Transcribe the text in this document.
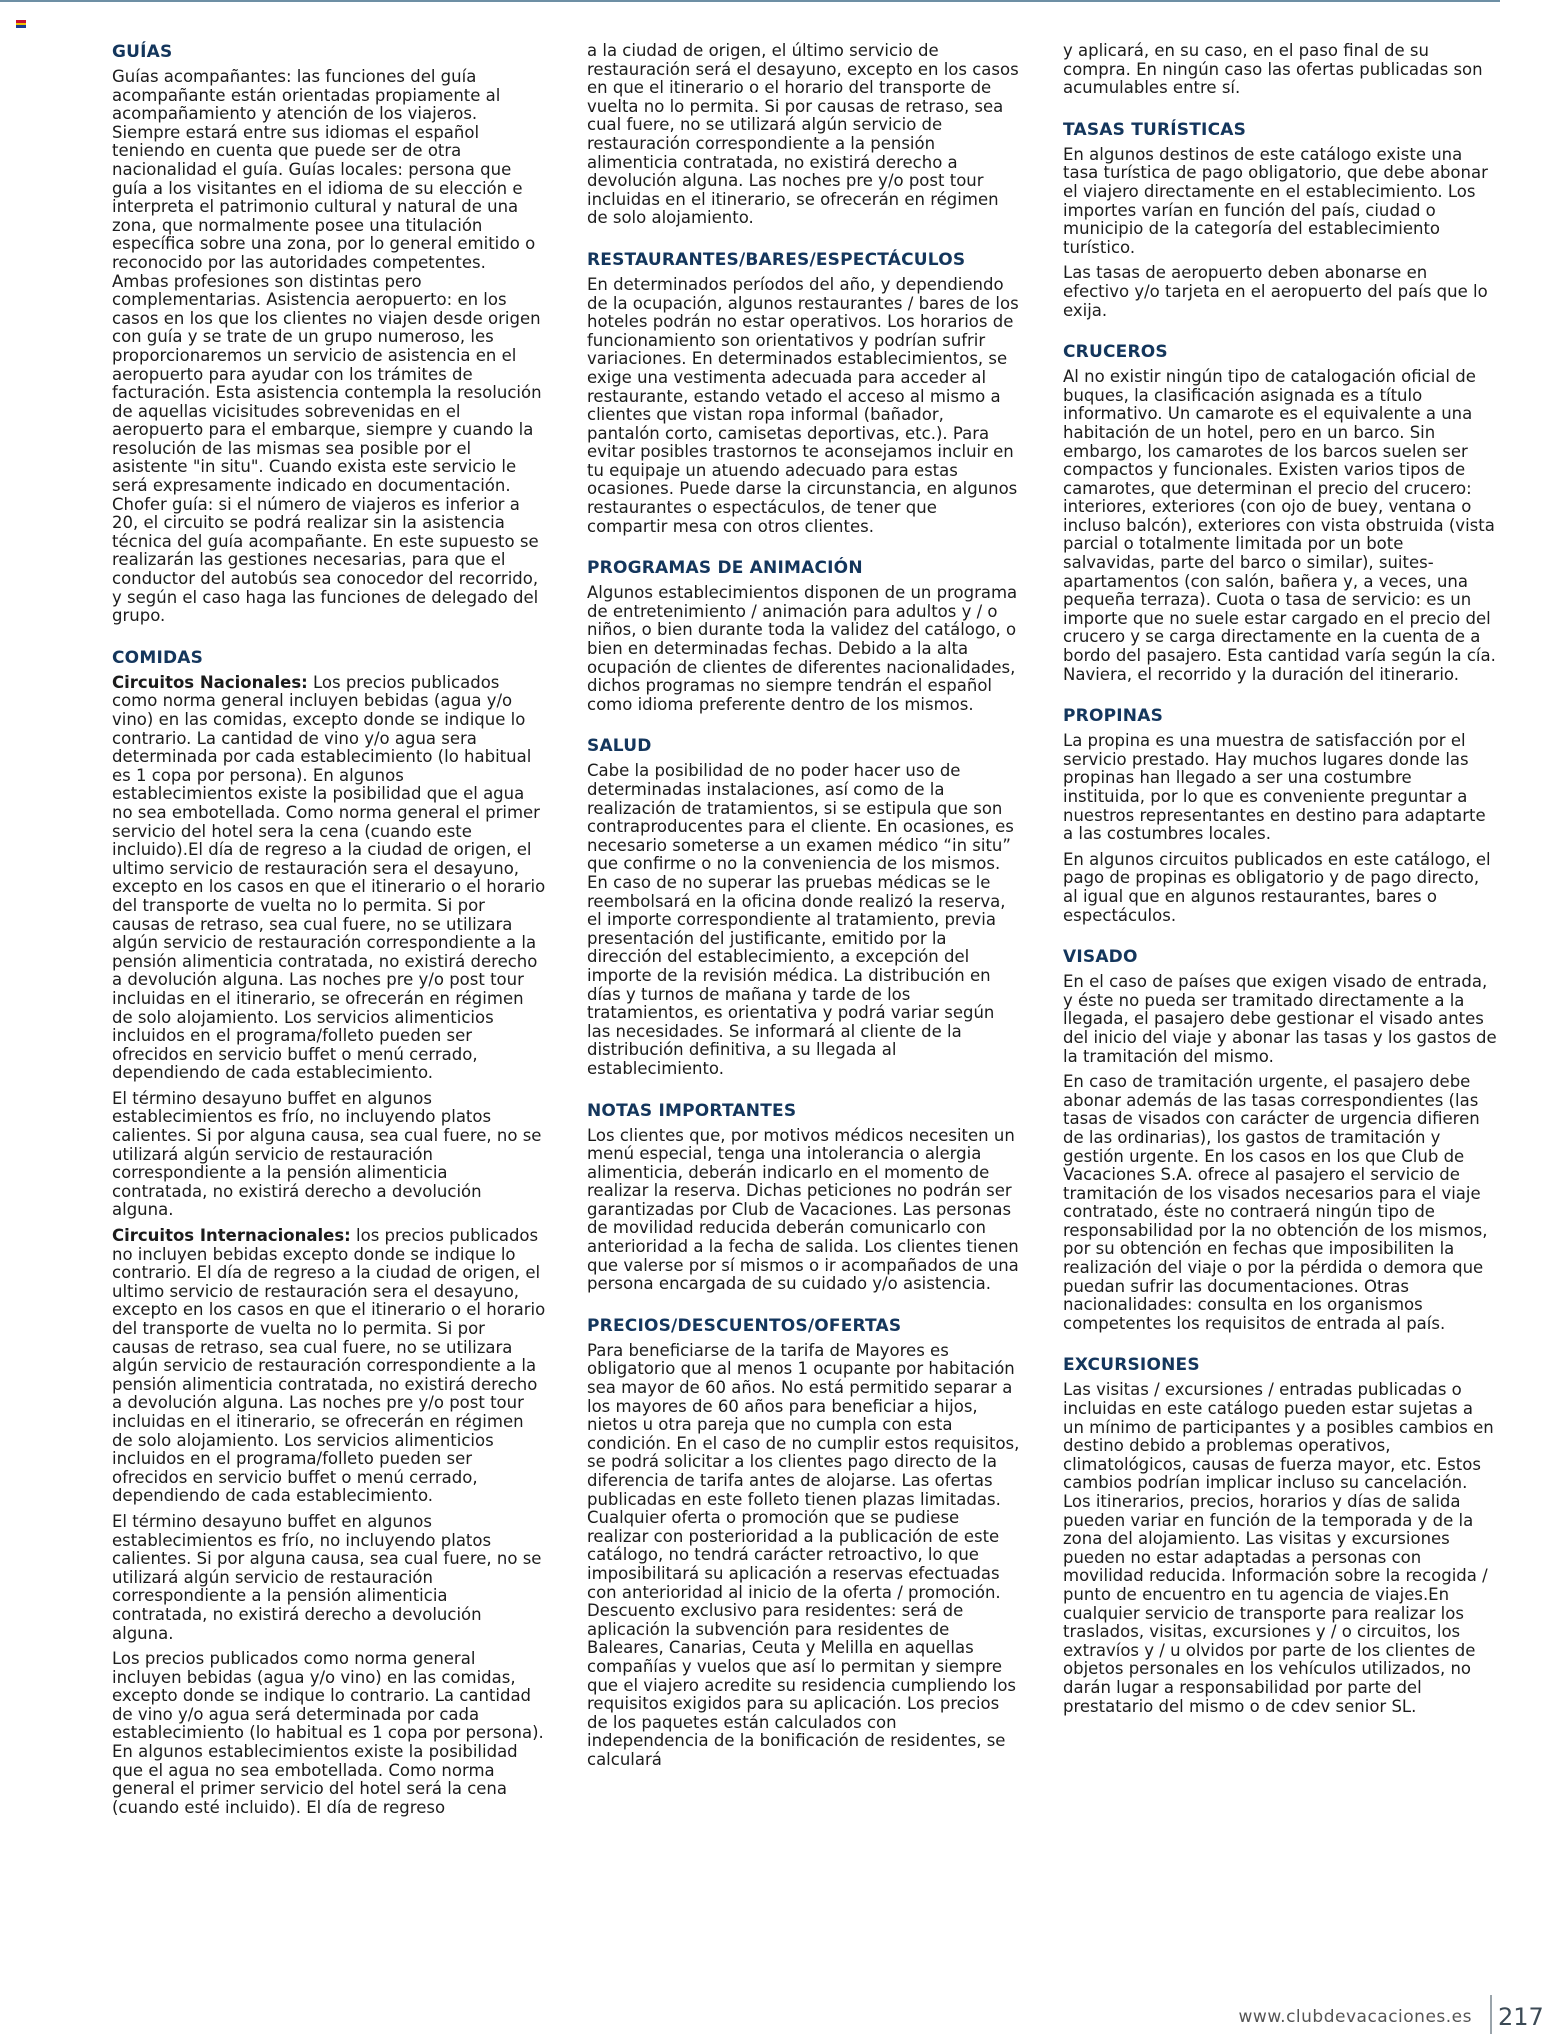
GUÍAS

Guías acompañantes: las funciones del guía acompañante están orientadas propiamente al acompañamiento y atención de los viajeros. Siempre estará entre sus idiomas el español teniendo en cuenta que puede ser de otra nacionalidad el guía. Guías locales: persona que guía a los visitantes en el idioma de su elección e interpreta el patrimonio cultural y natural de una zona, que normalmente posee una titulación específica sobre una zona, por lo general emitido o reconocido por las autoridades competentes. Ambas profesiones son distintas pero complementarias. Asistencia aeropuerto: en los casos en los que los clientes no viajen desde origen con guía y se trate de un grupo numeroso, les proporcionaremos un servicio de asistencia en el aeropuerto para ayudar con los trámites de facturación. Esta asistencia contempla la resolución de aquellas vicisitudes sobrevenidas en el aeropuerto para el embarque, siempre y cuando la resolución de las mismas sea posible por el asistente "in situ". Cuando exista este servicio le será expresamente indicado en documentación. Chofer guía: si el número de viajeros es inferior a 20, el circuito se podrá realizar sin la asistencia técnica del guía acompañante. En este supuesto se realizarán las gestiones necesarias, para que el conductor del autobús sea conocedor del recorrido, y según el caso haga las funciones de delegado del grupo.

COMIDAS

Circuitos Nacionales: Los precios publicados como norma general incluyen bebidas (agua y/o vino) en las comidas, excepto donde se indique lo contrario. La cantidad de vino y/o agua sera determinada por cada establecimiento (lo habitual es 1 copa por persona). En algunos establecimientos existe la posibilidad que el agua no sea embotellada. Como norma general el primer servicio del hotel sera la cena (cuando este incluido).El día de regreso a la ciudad de origen, el ultimo servicio de restauración sera el desayuno, excepto en los casos en que el itinerario o el horario del transporte de vuelta no lo permita. Si por causas de retraso, sea cual fuere, no se utilizara algún servicio de restauración correspondiente a la pensión alimenticia contratada, no existirá derecho a devolución alguna. Las noches pre y/o post tour incluidas en el itinerario, se ofrecerán en régimen de solo alojamiento. Los servicios alimenticios incluidos en el programa/folleto pueden ser ofrecidos en servicio buffet o menú cerrado, dependiendo de cada establecimiento.

El término desayuno buffet en algunos establecimientos es frío, no incluyendo platos calientes. Si por alguna causa, sea cual fuere, no se utilizará algún servicio de restauración correspondiente a la pensión alimenticia contratada, no existirá derecho a devolución alguna.

Circuitos Internacionales: los precios publicados no incluyen bebidas excepto donde se indique lo contrario. El día de regreso a la ciudad de origen, el ultimo servicio de restauración sera el desayuno, excepto en los casos en que el itinerario o el horario del transporte de vuelta no lo permita. Si por causas de retraso, sea cual fuere, no se utilizara algún servicio de restauración correspondiente a la pensión alimenticia contratada, no existirá derecho a devolución alguna. Las noches pre y/o post tour incluidas en el itinerario, se ofrecerán en régimen de solo alojamiento. Los servicios alimenticios incluidos en el programa/folleto pueden ser ofrecidos en servicio buffet o menú cerrado, dependiendo de cada establecimiento.

El término desayuno buffet en algunos establecimientos es frío, no incluyendo platos calientes. Si por alguna causa, sea cual fuere, no se utilizará algún servicio de restauración correspondiente a la pensión alimenticia contratada, no existirá derecho a devolución alguna.

Los precios publicados como norma general incluyen bebidas (agua y/o vino) en las comidas, excepto donde se indique lo contrario. La cantidad de vino y/o agua será determinada por cada establecimiento (lo habitual es 1 copa por persona). En algunos establecimientos existe la posibilidad que el agua no sea embotellada. Como norma general el primer servicio del hotel será la cena (cuando esté incluido). El día de regreso

a la ciudad de origen, el último servicio de restauración será el desayuno, excepto en los casos en que el itinerario o el horario del transporte de vuelta no lo permita. Si por causas de retraso, sea cual fuere, no se utilizará algún servicio de restauración correspondiente a la pensión alimenticia contratada, no existirá derecho a devolución alguna. Las noches pre y/o post tour incluidas en el itinerario, se ofrecerán en régimen de solo alojamiento.

RESTAURANTES/BARES/ESPECTÁCULOS

En determinados períodos del año, y dependiendo de la ocupación, algunos restaurantes / bares de los hoteles podrán no estar operativos. Los horarios de funcionamiento son orientativos y podrían sufrir variaciones. En determinados establecimientos, se exige una vestimenta adecuada para acceder al restaurante, estando vetado el acceso al mismo a clientes que vistan ropa informal (bañador, pantalón corto, camisetas deportivas, etc.). Para evitar posibles trastornos te aconsejamos incluir en tu equipaje un atuendo adecuado para estas ocasiones. Puede darse la circunstancia, en algunos restaurantes o espectáculos, de tener que compartir mesa con otros clientes.

PROGRAMAS DE ANIMACIÓN

Algunos establecimientos disponen de un programa de entretenimiento / animación para adultos y / o niños, o bien durante toda la validez del catálogo, o bien en determinadas fechas. Debido a la alta ocupación de clientes de diferentes nacionalidades, dichos programas no siempre tendrán el español como idioma preferente dentro de los mismos.

SALUD

Cabe la posibilidad de no poder hacer uso de determinadas instalaciones, así como de la realización de tratamientos, si se estipula que son contraproducentes para el cliente. En ocasiones, es necesario someterse a un examen médico “in situ” que confirme o no la conveniencia de los mismos. En caso de no superar las pruebas médicas se le reembolsará en la oficina donde realizó la reserva, el importe correspondiente al tratamiento, previa presentación del justificante, emitido por la dirección del establecimiento, a excepción del importe de la revisión médica. La distribución en días y turnos de mañana y tarde de los tratamientos, es orientativa y podrá variar según las necesidades. Se informará al cliente de la distribución definitiva, a su llegada al establecimiento.

NOTAS IMPORTANTES

Los clientes que, por motivos médicos necesiten un menú especial, tenga una intolerancia o alergia alimenticia, deberán indicarlo en el momento de realizar la reserva. Dichas peticiones no podrán ser garantizadas por Club de Vacaciones. Las personas de movilidad reducida deberán comunicarlo con anterioridad a la fecha de salida. Los clientes tienen que valerse por sí mismos o ir acompañados de una persona encargada de su cuidado y/o asistencia.

PRECIOS/DESCUENTOS/OFERTAS

Para beneficiarse de la tarifa de Mayores es obligatorio que al menos 1 ocupante por habitación sea mayor de 60 años. No está permitido separar a los mayores de 60 años para beneficiar a hijos, nietos u otra pareja que no cumpla con esta condición. En el caso de no cumplir estos requisitos, se podrá solicitar a los clientes pago directo de la diferencia de tarifa antes de alojarse. Las ofertas publicadas en este folleto tienen plazas limitadas. Cualquier oferta o promoción que se pudiese realizar con posterioridad a la publicación de este catálogo, no tendrá carácter retroactivo, lo que imposibilitará su aplicación a reservas efectuadas con anterioridad al inicio de la oferta / promoción. Descuento exclusivo para residentes: será de aplicación la subvención para residentes de Baleares, Canarias, Ceuta y Melilla en aquellas compañías y vuelos que así lo permitan y siempre que el viajero acredite su residencia cumpliendo los requisitos exigidos para su aplicación. Los precios de los paquetes están calculados con independencia de la bonificación de residentes, se calculará

y aplicará, en su caso, en el paso final de su compra. En ningún caso las ofertas publicadas son acumulables entre sí.

TASAS TURÍSTICAS

En algunos destinos de este catálogo existe una tasa turística de pago obligatorio, que debe abonar el viajero directamente en el establecimiento. Los importes varían en función del país, ciudad o municipio de la categoría del establecimiento turístico.

Las tasas de aeropuerto deben abonarse en efectivo y/o tarjeta en el aeropuerto del país que lo exija.

CRUCEROS

Al no existir ningún tipo de catalogación oficial de buques, la clasificación asignada es a título informativo. Un camarote es el equivalente a una habitación de un hotel, pero en un barco. Sin embargo, los camarotes de los barcos suelen ser compactos y funcionales. Existen varios tipos de camarotes, que determinan el precio del crucero: interiores, exteriores (con ojo de buey, ventana o incluso balcón), exteriores con vista obstruida (vista parcial o totalmente limitada por un bote salvavidas, parte del barco o similar), suites-apartamentos (con salón, bañera y, a veces, una pequeña terraza). Cuota o tasa de servicio: es un importe que no suele estar cargado en el precio del crucero y se carga directamente en la cuenta de a bordo del pasajero. Esta cantidad varía según la cía. Naviera, el recorrido y la duración del itinerario.

PROPINAS

La propina es una muestra de satisfacción por el servicio prestado. Hay muchos lugares donde las propinas han llegado a ser una costumbre instituida, por lo que es conveniente preguntar a nuestros representantes en destino para adaptarte a las costumbres locales.

En algunos circuitos publicados en este catálogo, el pago de propinas es obligatorio y de pago directo, al igual que en algunos restaurantes, bares o espectáculos.

VISADO

En el caso de países que exigen visado de entrada, y éste no pueda ser tramitado directamente a la llegada, el pasajero debe gestionar el visado antes del inicio del viaje y abonar las tasas y los gastos de la tramitación del mismo.

En caso de tramitación urgente, el pasajero debe abonar además de las tasas correspondientes (las tasas de visados con carácter de urgencia difieren de las ordinarias), los gastos de tramitación y gestión urgente. En los casos en los que Club de Vacaciones S.A. ofrece al pasajero el servicio de tramitación de los visados necesarios para el viaje contratado, éste no contraerá ningún tipo de responsabilidad por la no obtención de los mismos, por su obtención en fechas que imposibiliten la realización del viaje o por la pérdida o demora que puedan sufrir las documentaciones. Otras nacionalidades: consulta en los organismos competentes los requisitos de entrada al país.

EXCURSIONES

Las visitas / excursiones / entradas publicadas o incluidas en este catálogo pueden estar sujetas a un mínimo de participantes y a posibles cambios en destino debido a problemas operativos, climatológicos, causas de fuerza mayor, etc. Estos cambios podrían implicar incluso su cancelación. Los itinerarios, precios, horarios y días de salida pueden variar en función de la temporada y de la zona del alojamiento. Las visitas y excursiones pueden no estar adaptadas a personas con movilidad reducida. Información sobre la recogida / punto de encuentro en tu agencia de viajes.En cualquier servicio de transporte para realizar los traslados, visitas, excursiones y / o circuitos, los extravíos y / u olvidos por parte de los clientes de objetos personales en los vehículos utilizados, no darán lugar a responsabilidad por parte del prestatario del mismo o de cdev senior SL.

www.clubdevacaciones.es 217
